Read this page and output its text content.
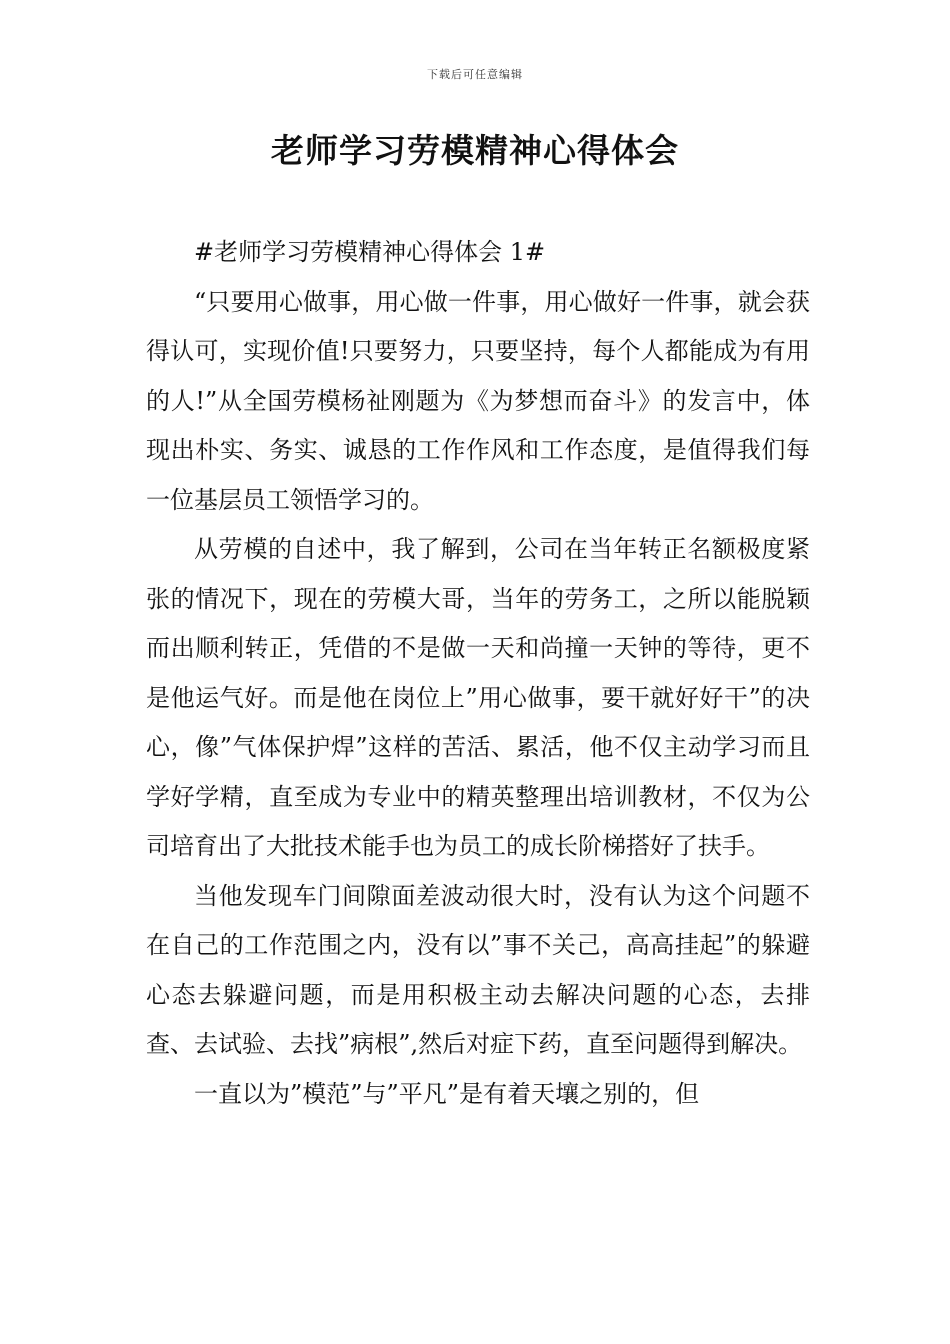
下载后可任意编辑
老师学习劳模精神心得体会
#老师学习劳模精神心得体会 1#

“只要用心做事，用心做一件事，用心做好一件事，就会获得认可，实现价值!只要努力，只要坚持，每个人都能成为有用的人!”从全国劳模杨祉刚题为《为梦想而奋斗》的发言中，体现出朴实、务实、诚恳的工作作风和工作态度，是值得我们每一位基层员工领悟学习的。

从劳模的自述中，我了解到，公司在当年转正名额极度紧张的情况下，现在的劳模大哥，当年的劳务工，之所以能脱颖而出顺利转正，凭借的不是做一天和尚撞一天钟的等待，更不是他运气好。而是他在岗位上”用心做事，要干就好好干”的决心，像”气体保护焊”这样的苦活、累活，他不仅主动学习而且学好学精，直至成为专业中的精英整理出培训教材，不仅为公司培育出了大批技术能手也为员工的成长阶梯搭好了扶手。

当他发现车门间隙面差波动很大时，没有认为这个问题不在自己的工作范围之内，没有以”事不关己，高高挂起”的躲避心态去躲避问题，而是用积极主动去解决问题的心态，去排查、去试验、去找”病根”,然后对症下药，直至问题得到解决。

一直以为”模范”与”平凡”是有着天壤之别的，但
